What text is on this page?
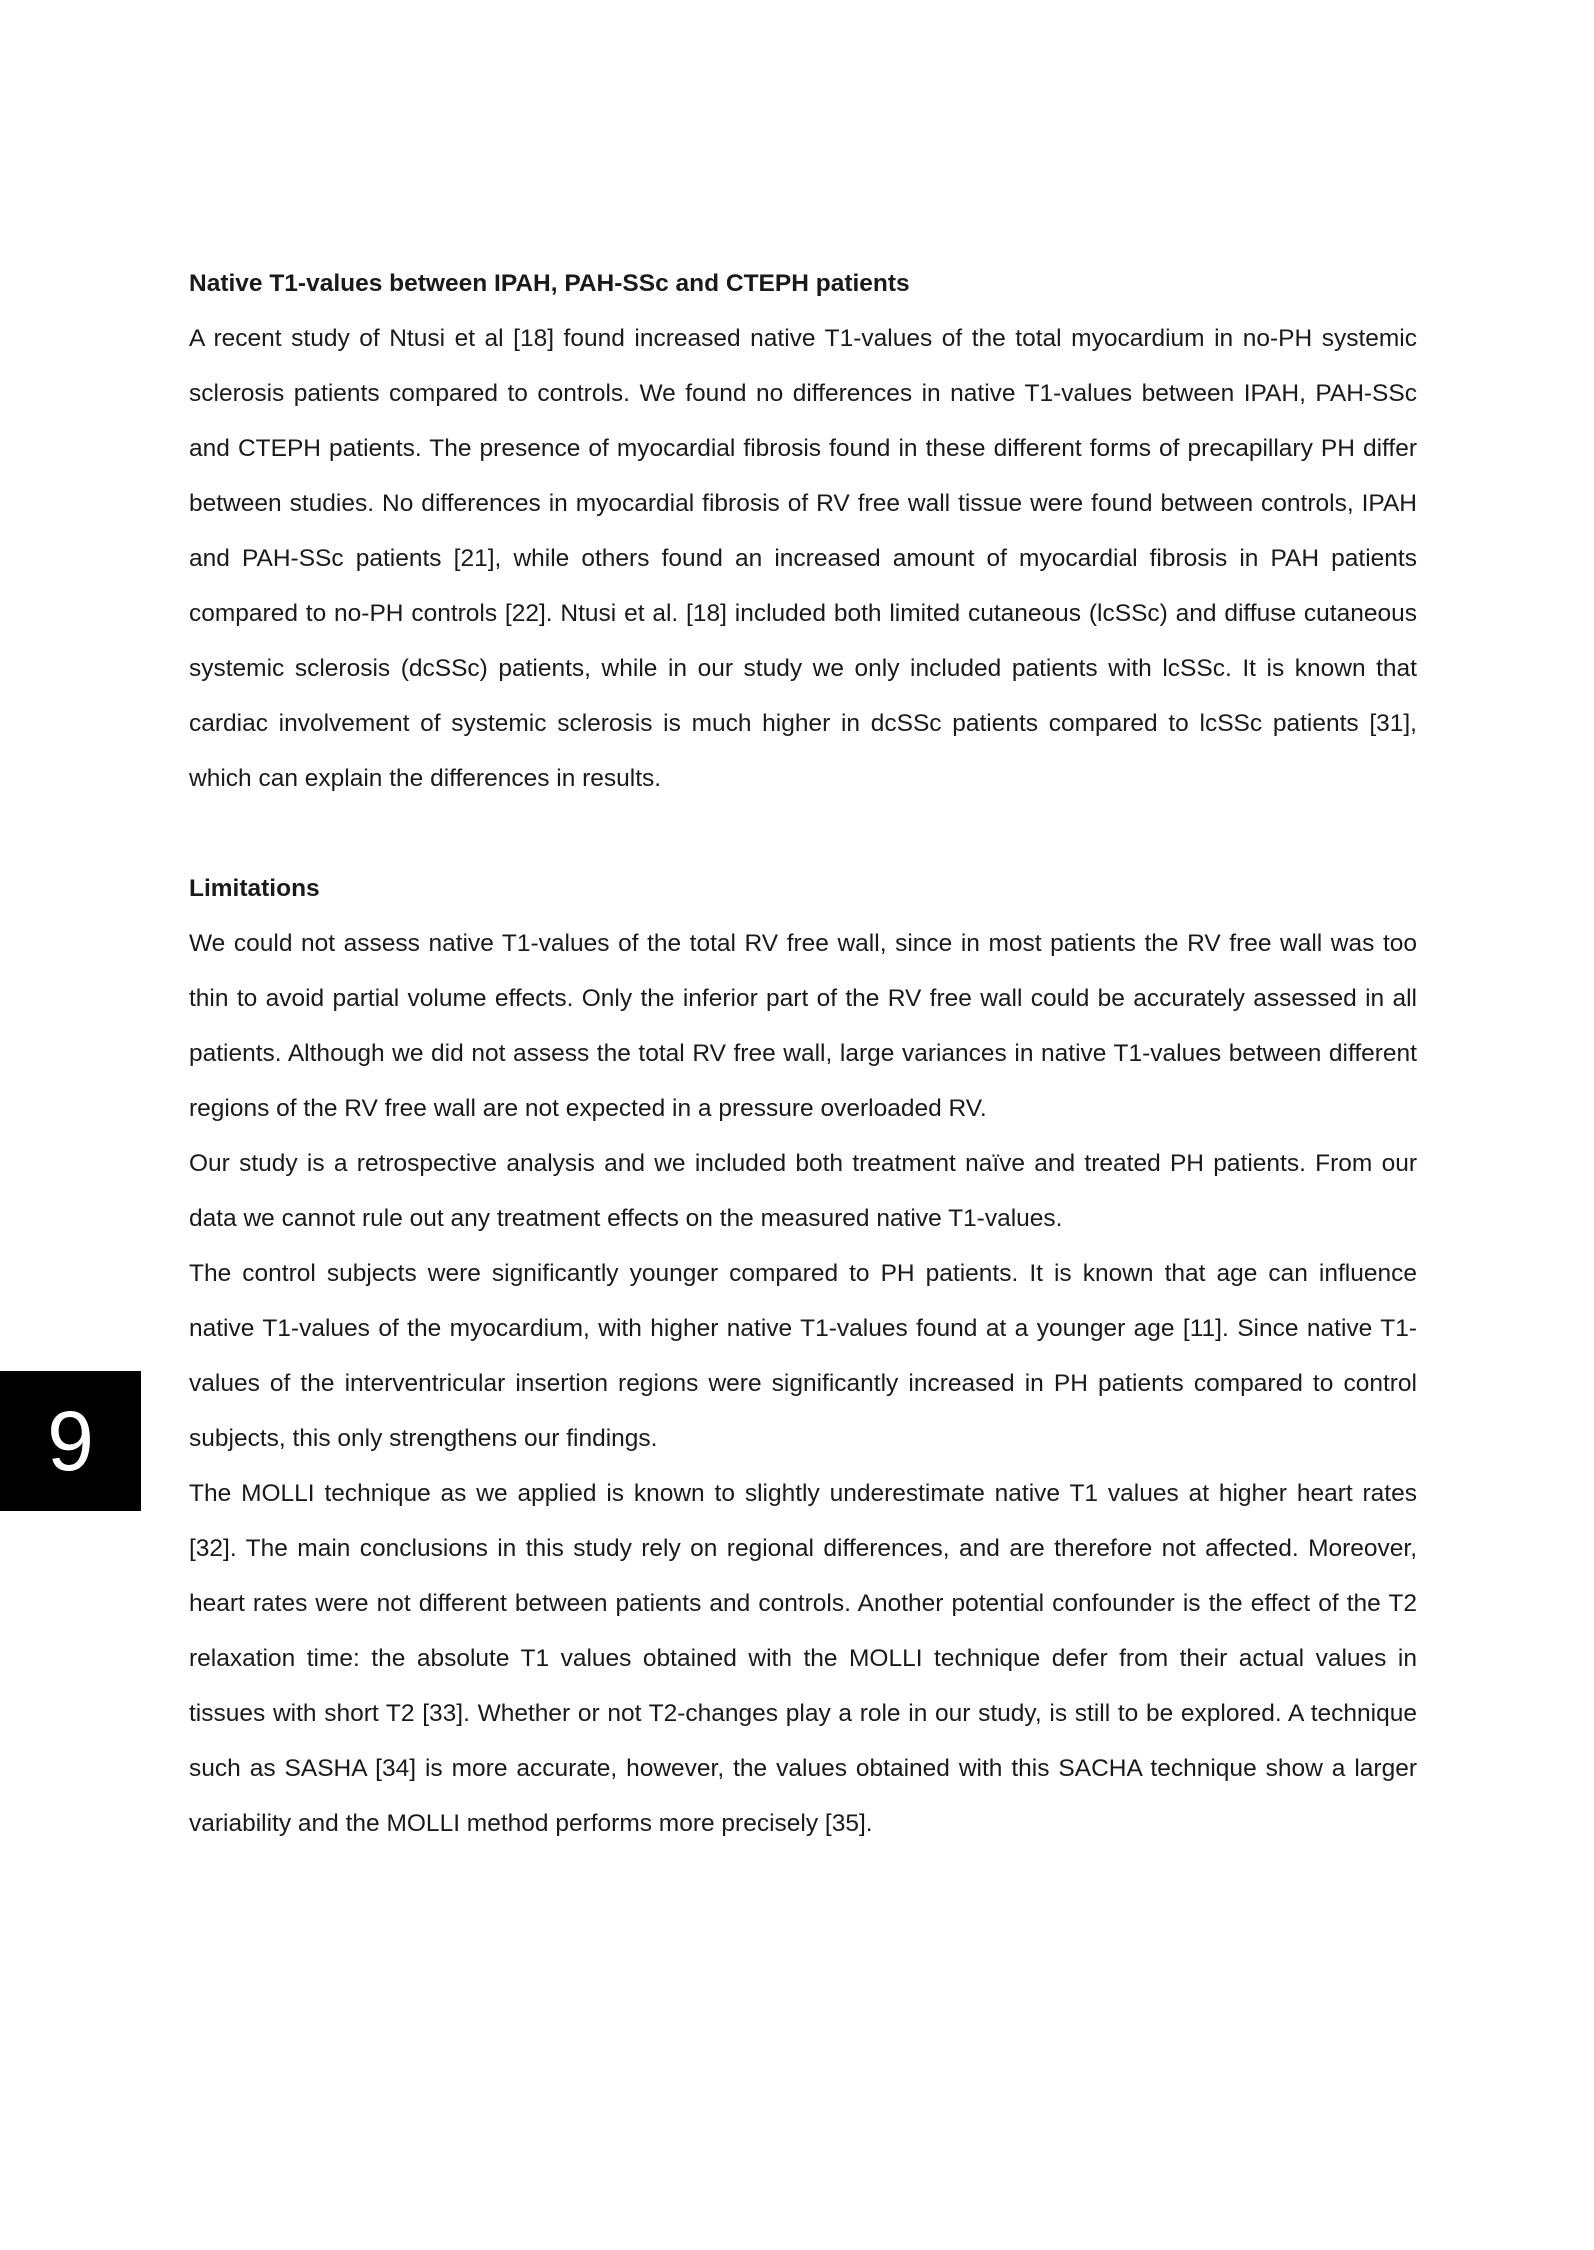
Native T1-values between IPAH, PAH-SSc and CTEPH patients

A recent study of Ntusi et al [18] found increased native T1-values of the total myocardium in no-PH systemic sclerosis patients compared to controls. We found no differences in native T1-values between IPAH, PAH-SSc and CTEPH patients. The presence of myocardial fibrosis found in these different forms of precapillary PH differ between studies. No differences in myocardial fibrosis of RV free wall tissue were found between controls, IPAH and PAH-SSc patients [21], while others found an increased amount of myocardial fibrosis in PAH patients compared to no-PH controls [22]. Ntusi et al. [18] included both limited cutaneous (lcSSc) and diffuse cutaneous systemic sclerosis (dcSSc) patients, while in our study we only included patients with lcSSc. It is known that cardiac involvement of systemic sclerosis is much higher in dcSSc patients compared to lcSSc patients [31], which can explain the differences in results.

Limitations

We could not assess native T1-values of the total RV free wall, since in most patients the RV free wall was too thin to avoid partial volume effects. Only the inferior part of the RV free wall could be accurately assessed in all patients. Although we did not assess the total RV free wall, large variances in native T1-values between different regions of the RV free wall are not expected in a pressure overloaded RV.

Our study is a retrospective analysis and we included both treatment naïve and treated PH patients. From our data we cannot rule out any treatment effects on the measured native T1-values.

The control subjects were significantly younger compared to PH patients. It is known that age can influence native T1-values of the myocardium, with higher native T1-values found at a younger age [11]. Since native T1-values of the interventricular insertion regions were significantly increased in PH patients compared to control subjects, this only strengthens our findings.

The MOLLI technique as we applied is known to slightly underestimate native T1 values at higher heart rates [32]. The main conclusions in this study rely on regional differences, and are therefore not affected. Moreover, heart rates were not different between patients and controls. Another potential confounder is the effect of the T2 relaxation time: the absolute T1 values obtained with the MOLLI technique defer from their actual values in tissues with short T2 [33]. Whether or not T2-changes play a role in our study, is still to be explored. A technique such as SASHA [34] is more accurate, however, the values obtained with this SACHA technique show a larger variability and the MOLLI method performs more precisely [35].

9
